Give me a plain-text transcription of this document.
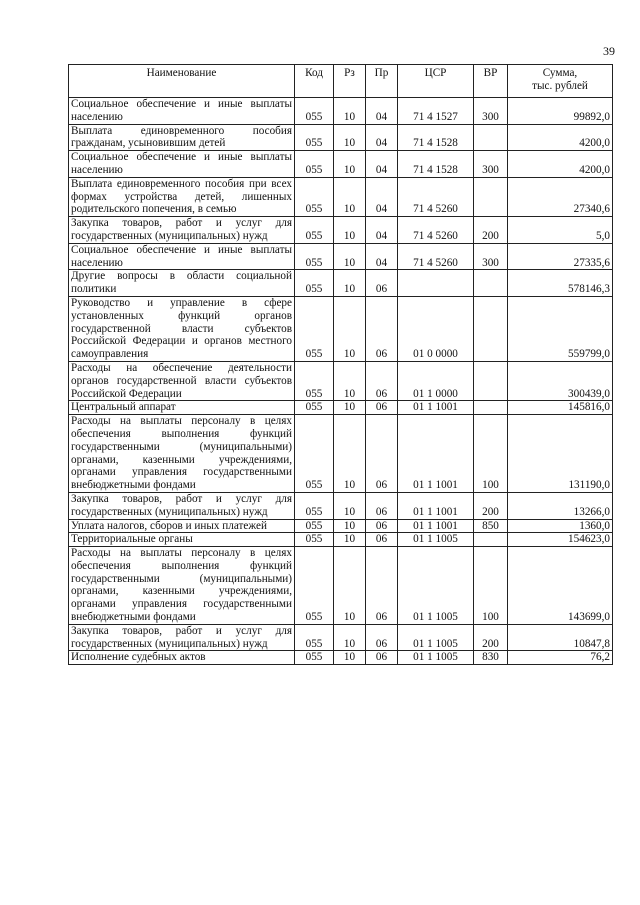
39
Наименование	Код	Рз	Пр	ЦСР	ВР	Сумма,
тыс. рублей

Социальное обеспечение и иные выплаты населению	055	10	04	71 4 1527	300	99892,0
Выплата единовременного пособия гражданам, усыновившим детей	055	10	04	71 4 1528		4200,0
Социальное обеспечение и иные выплаты населению	055	10	04	71 4 1528	300	4200,0
Выплата единовременного пособия при всех формах устройства детей, лишенных родительского попечения, в семью	055	10	04	71 4 5260		27340,6
Закупка товаров, работ и услуг для государственных (муниципальных) нужд	055	10	04	71 4 5260	200	5,0
Социальное обеспечение и иные выплаты населению	055	10	04	71 4 5260	300	27335,6
Другие вопросы в области социальной политики	055	10	06			578146,3
Руководство и управление в сфере установленных функций органов государственной власти субъектов Российской Федерации и органов местного самоуправления	055	10	06	01 0 0000		559799,0
Расходы на обеспечение деятельности органов государственной власти субъектов Российской Федерации	055	10	06	01 1 0000		300439,0
Центральный аппарат	055	10	06	01 1 1001		145816,0
Расходы на выплаты персоналу в целях обеспечения выполнения функций государственными (муниципальными) органами, казенными учреждениями, органами управления государственными внебюджетными фондами	055	10	06	01 1 1001	100	131190,0
Закупка товаров, работ и услуг для государственных (муниципальных) нужд	055	10	06	01 1 1001	200	13266,0
Уплата налогов, сборов и иных платежей	055	10	06	01 1 1001	850	1360,0
Территориальные органы	055	10	06	01 1 1005		154623,0
Расходы на выплаты персоналу в целях обеспечения выполнения функций государственными (муниципальными) органами, казенными учреждениями, органами управления государственными внебюджетными фондами	055	10	06	01 1 1005	100	143699,0
Закупка товаров, работ и услуг для государственных (муниципальных) нужд	055	10	06	01 1 1005	200	10847,8
Исполнение судебных актов	055	10	06	01 1 1005	830	76,2
